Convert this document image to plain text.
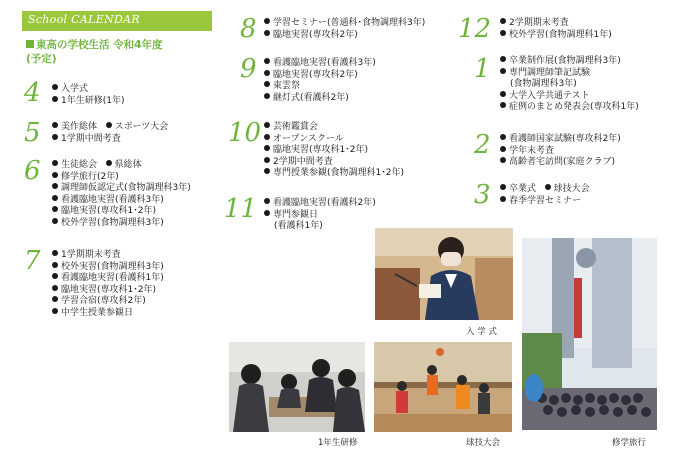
School CALENDAR
東高の学校生活 令和4年度
(予定)
4	入学式
1年生研修(1年)
5	美作総体 スポーツ大会
1学期中間考査
6	生徒総会 県総体
修学旅行(2年)
調理師仮認定式(食物調理科3年)
看護臨地実習(看護科3年)
臨地実習(専攻科1･2年)
校外学習(食物調理科3年)
7	1学期期末考査
校外実習(食物調理科3年)
看護臨地実習(看護科1年)
臨地実習(専攻科1･2年)
学習合宿(専攻科2年)
中学生授業参観日
8	学習セミナー(普通科･食物調理科3年)
臨地実習(専攻科2年)
9	看護臨地実習(看護科3年)
臨地実習(専攻科2年)
東雲祭
継灯式(看護科2年)
10	芸術鑑賞会
オープンスクール
臨地実習(専攻科1･2年)
2学期中間考査
専門授業参観(食物調理科1･2年)
11	看護臨地実習(看護科2年)
専門参観日
(看護科1年)
12	2学期期末考査
校外学習(食物調理科1年)
1	卒業制作展(食物調理科3年)
専門調理師筆記試験
(食物調理科3年)
大学入学共通テスト
症例のまとめ発表会(専攻科1年)
2	看護師国家試験(専攻科2年)
学年末考査
高齢者宅訪問(家庭クラブ)
3	卒業式 球技大会
春季学習セミナー
入 学 式
修学旅行
1年生研修	球技大会
